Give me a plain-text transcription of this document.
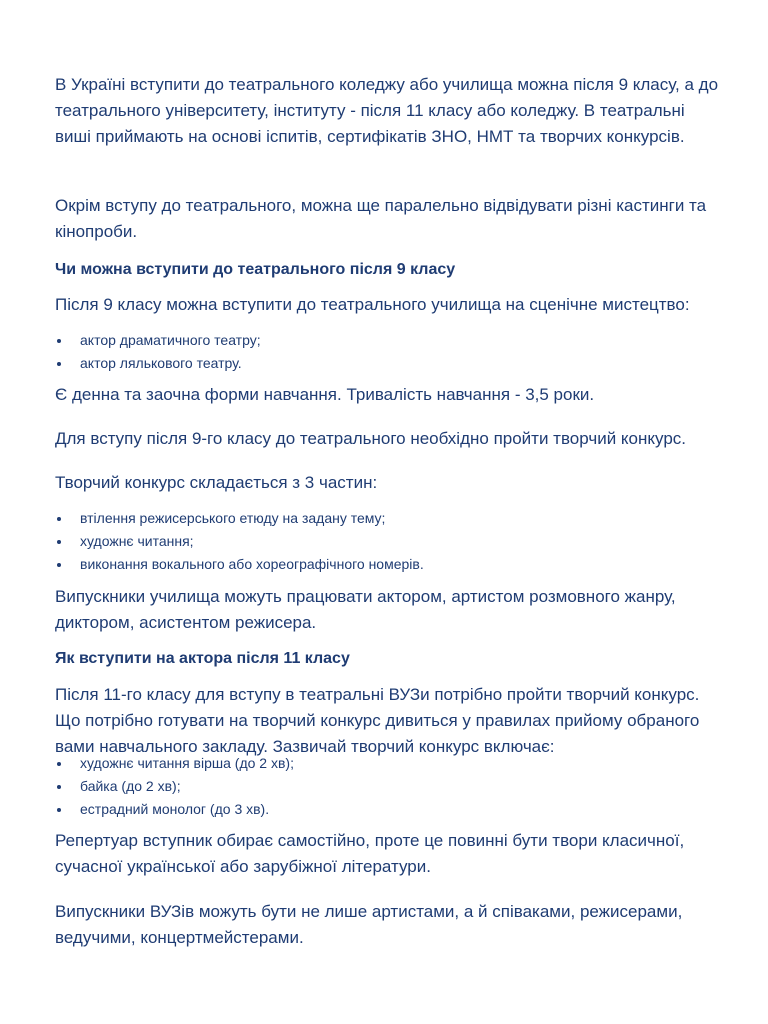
В Україні вступити до театрального коледжу або училища можна після 9 класу, а до театрального університету, інституту - після 11 класу або коледжу. В театральні виші приймають на основі іспитів, сертифікатів ЗНО, НМТ та творчих конкурсів.

Окрім вступу до театрального, можна ще паралельно відвідувати різні кастинги та кінопроби.

Чи можна вступити до театрального після 9 класу

Після 9 класу можна вступити до театрального училища на сценічне мистецтво:

актор драматичного театру;
актор лялькового театру.

Є денна та заочна форми навчання. Тривалість навчання - 3,5 роки.

Для вступу після 9-го класу до театрального необхідно пройти творчий конкурс.

Творчий конкурс складається з 3 частин:

втілення режисерського етюду на задану тему;
художнє читання;
виконання вокального або хореографічного номерів.

Випускники училища можуть працювати актором, артистом розмовного жанру, диктором, асистентом режисера.

Як вступити на актора після 11 класу

Після 11-го класу для вступу в театральні ВУЗи потрібно пройти творчий конкурс. Що потрібно готувати на творчий конкурс дивиться у правилах прийому обраного вами навчального закладу. Зазвичай творчий конкурс включає:

художнє читання вірша (до 2 хв);
байка (до 2 хв);
естрадний монолог (до 3 хв).

Репертуар вступник обирає самостійно, проте це повинні бути твори класичної, сучасної української або зарубіжної літератури.

Випускники ВУЗів можуть бути не лише артистами, а й співаками, режисерами, ведучими, концертмейстерами.
